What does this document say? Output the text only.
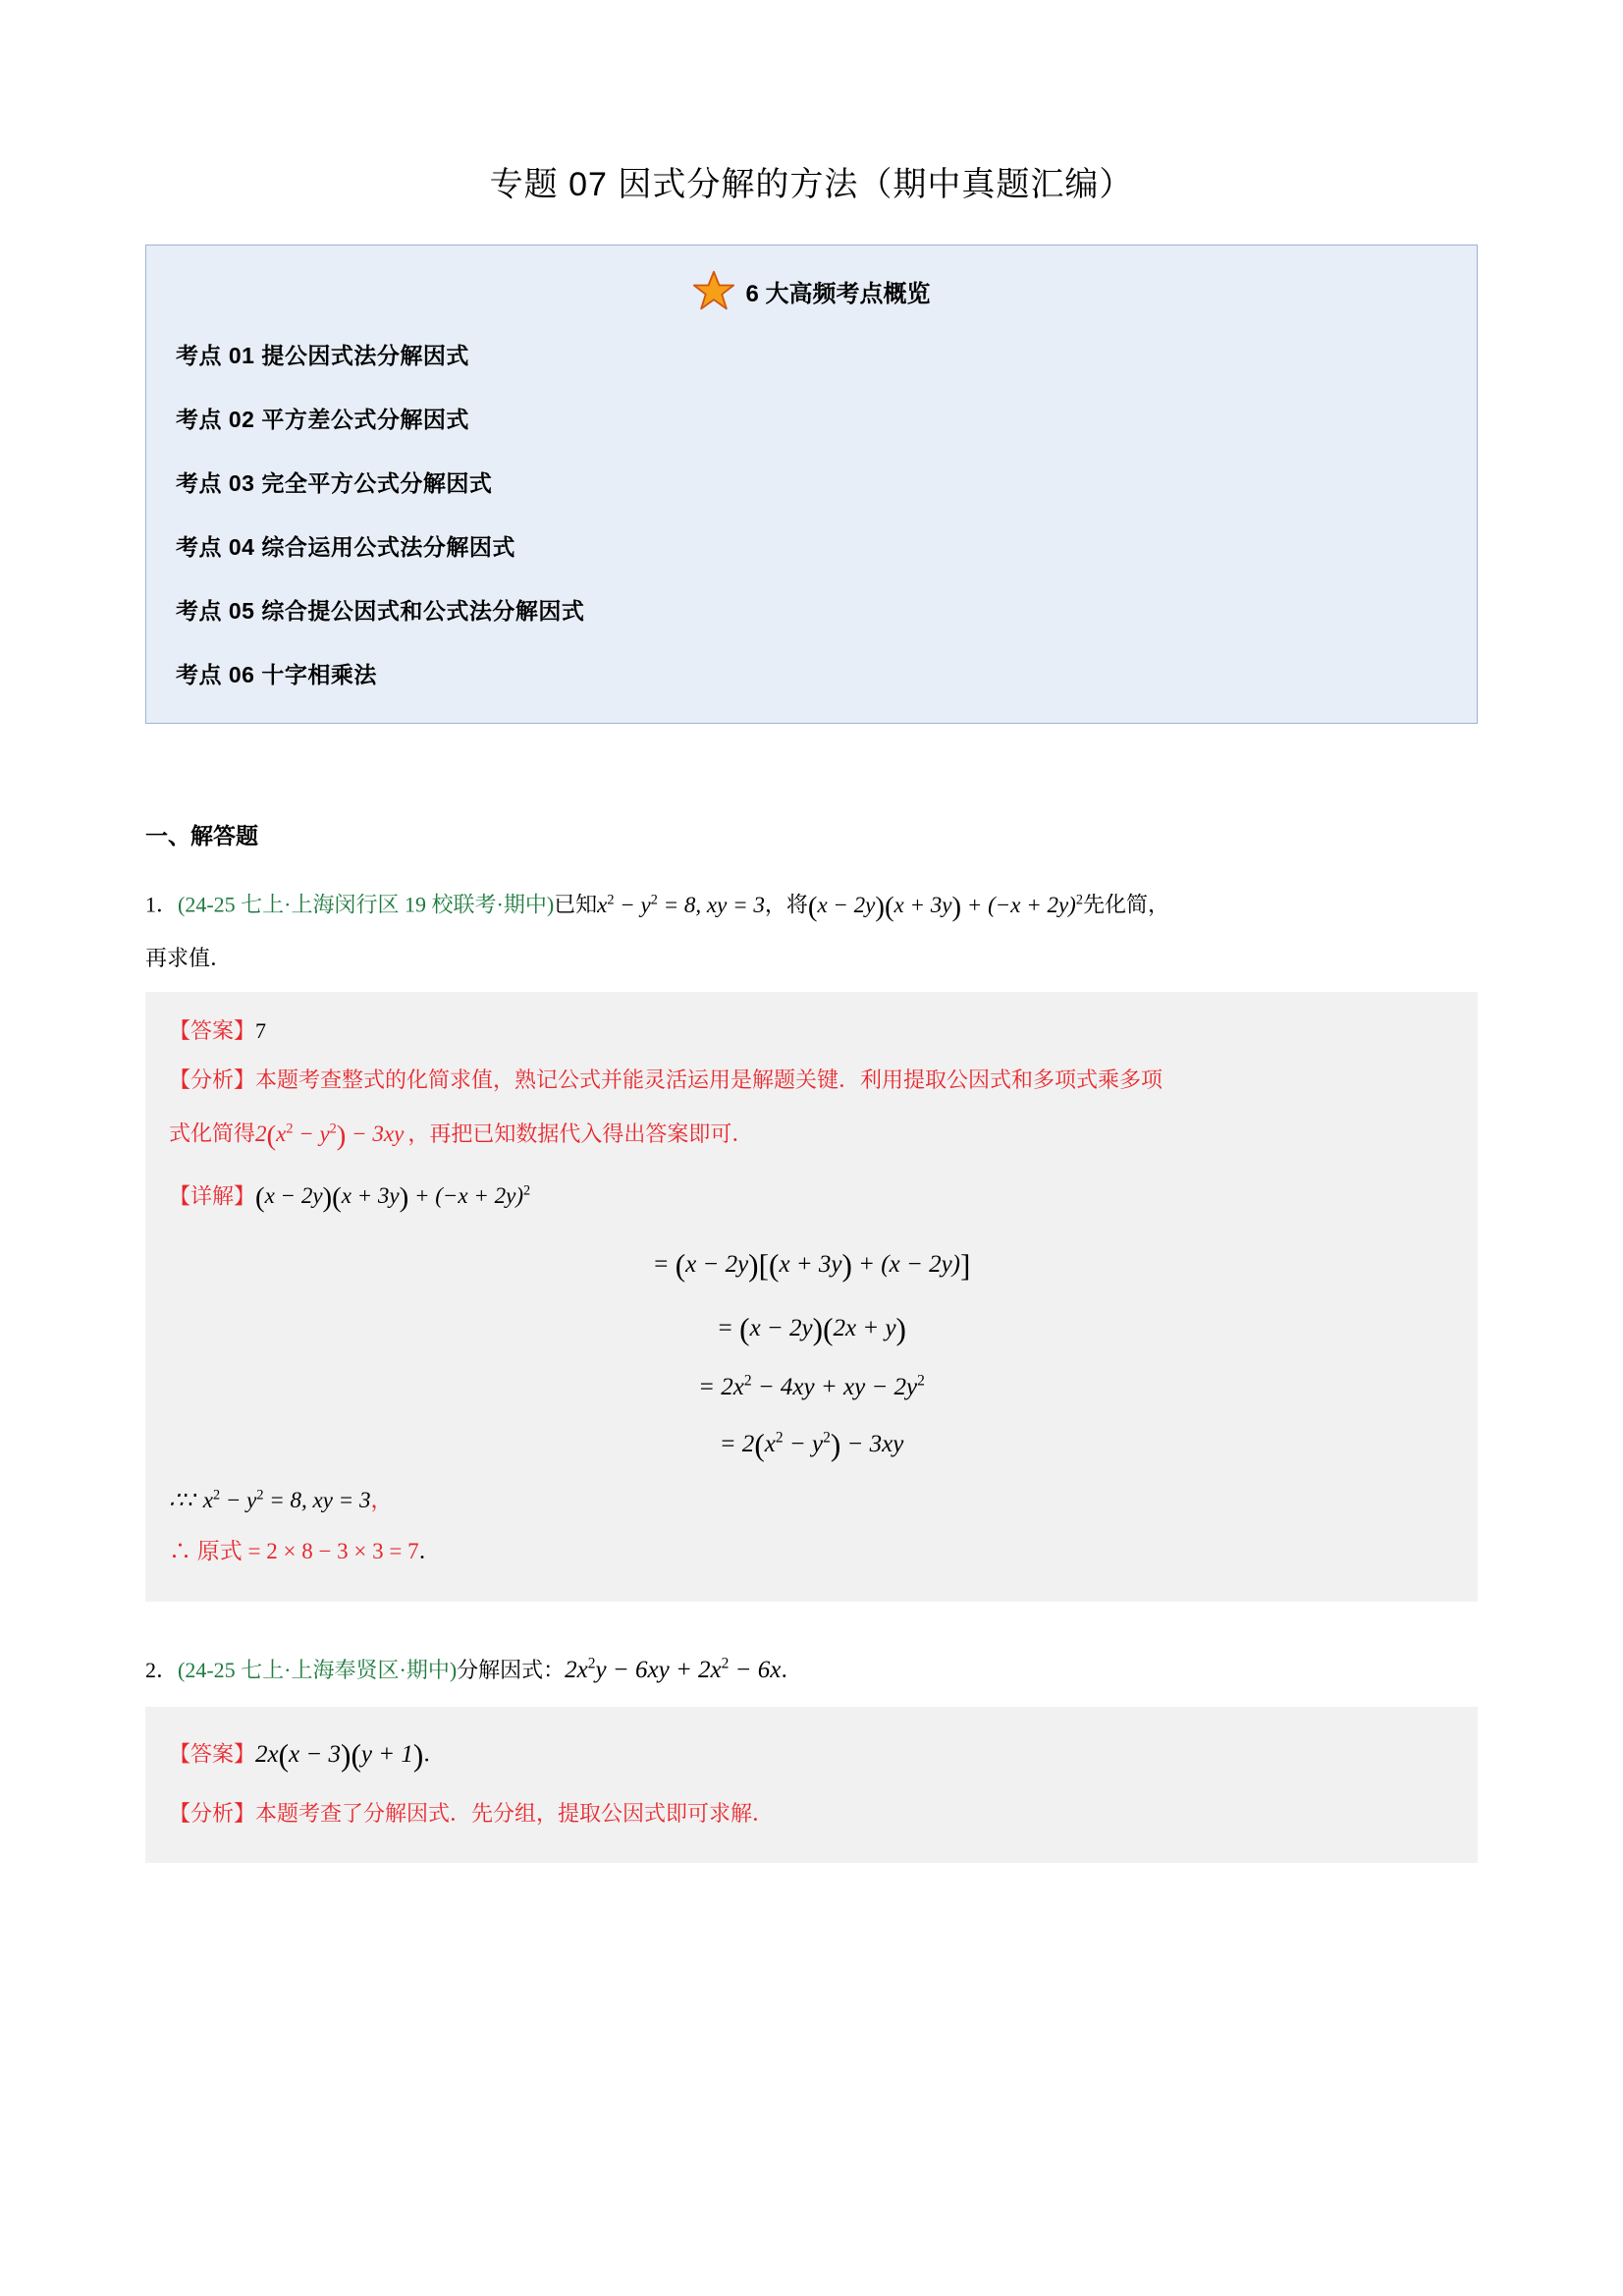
专题 07 因式分解的方法（期中真题汇编）
6 大高频考点概览

考点 01 提公因式法分解因式

考点 02 平方差公式分解因式

考点 03 完全平方公式分解因式

考点 04 综合运用公式法分解因式

考点 05 综合提公因式和公式法分解因式

考点 06 十字相乘法

一、解答题

1．(24-25 七上·上海闵行区 19 校联考·期中)已知$x^2 - y^2 = 8$, xy = 3，将$(x - 2y)(x + 3y) + (-x + 2y)^2$先化简，

再求值．

【答案】7

【分析】本题考查整式的化简求值，熟记公式并能灵活运用是解题关键．利用提取公因式和多项式乘多项

式化简得$2(x^2 - y^2) - 3xy$ ，再把已知数据代入得出答案即可．

【详解】$(x - 2y)(x + 3y) + (-x + 2y)^2$

= (x − 2y)[(x + 3y) + (x − 2y)]

= (x − 2y)(2x + y)

= $2x^2 - 4xy$ + xy − $2y^2$

= $2(x^2 - y^2) - 3xy$

∴​∵ $x^2 - y^2 = 8$, xy = 3，

∴ 原式 = 2 × 8 − 3 × 3 = 7．

2．(24-25 七上·上海奉贤区·期中)分解因式：$2x^2y - 6xy + 2x^2 - 6x$．

【答案】2x(x − 3)(y + 1)．

【分析】本题考查了分解因式．先分组，提取公因式即可求解．
